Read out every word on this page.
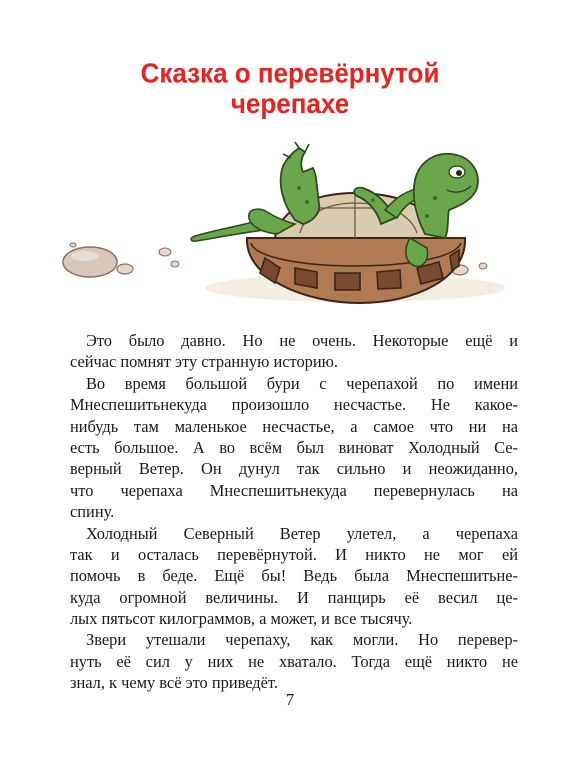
Сказка о перевёрнутой
черепахе

Это было давно. Но не очень. Некоторые ещё и
сейчас помнят эту странную историю.

Во время большой бури с черепахой по имени
Мнеспешитьнекуда произошло несчастье. Не какое-
нибудь там маленькое несчастье, а самое что ни на
есть большое. А во всём был виноват Холодный Се-
верный Ветер. Он дунул так сильно и неожиданно,
что черепаха Мнеспешитьнекуда перевернулась на
спину.

Холодный Северный Ветер улетел, а черепаха
так и осталась перевёрнутой. И никто не мог ей
помочь в беде. Ещё бы! Ведь была Мнеспешитьне-
куда огромной величины. И панцирь её весил це-
лых пятьсот килограммов, а может, и все тысячу.

Звери утешали черепаху, как могли. Но перевер-
нуть её сил у них не хватало. Тогда ещё никто не
знал, к чему всё это приведёт.

7
